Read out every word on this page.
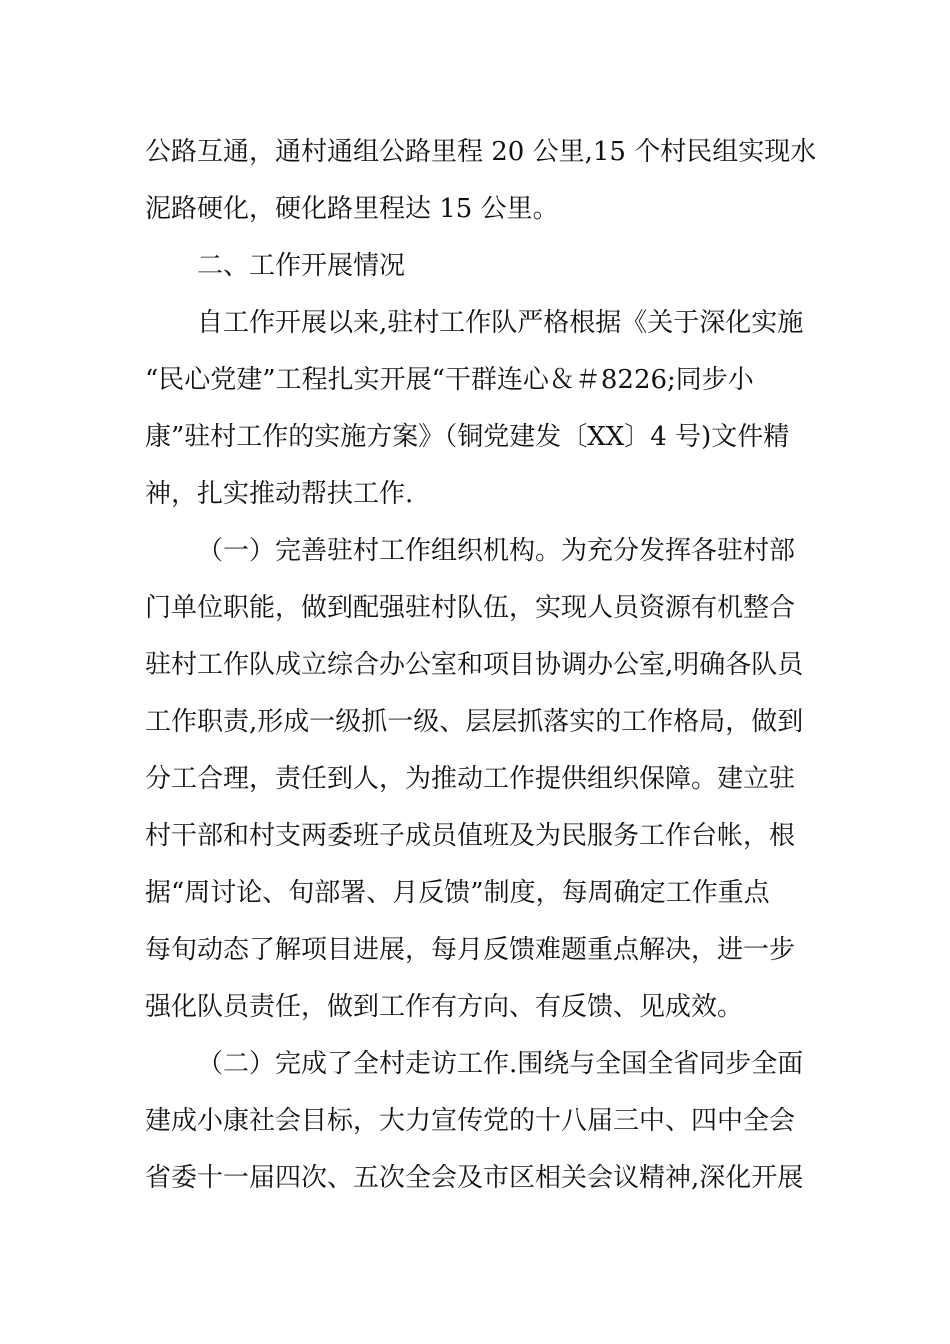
公路互通，通村通组公路里程 20 公里,15 个村民组实现水
泥路硬化，硬化路里程达 15 公里。
二、工作开展情况
自工作开展以来,驻村工作队严格根据《关于深化实施
“民心党建”工程扎实开展“干群连心＆＃8226;同步小
康”驻村工作的实施方案》（铜党建发〔XX〕4 号)文件精
神，扎实推动帮扶工作.
（一）完善驻村工作组织机构。为充分发挥各驻村部
门单位职能，做到配强驻村队伍，实现人员资源有机整合
驻村工作队成立综合办公室和项目协调办公室,明确各队员
工作职责,形成一级抓一级、层层抓落实的工作格局，做到
分工合理，责任到人，为推动工作提供组织保障。建立驻
村干部和村支两委班子成员值班及为民服务工作台帐，根
据“周讨论、旬部署、月反馈”制度，每周确定工作重点
每旬动态了解项目进展，每月反馈难题重点解决，进一步
强化队员责任，做到工作有方向、有反馈、见成效。
（二）完成了全村走访工作.围绕与全国全省同步全面
建成小康社会目标，大力宣传党的十八届三中、四中全会
省委十一届四次、五次全会及市区相关会议精神,深化开展
